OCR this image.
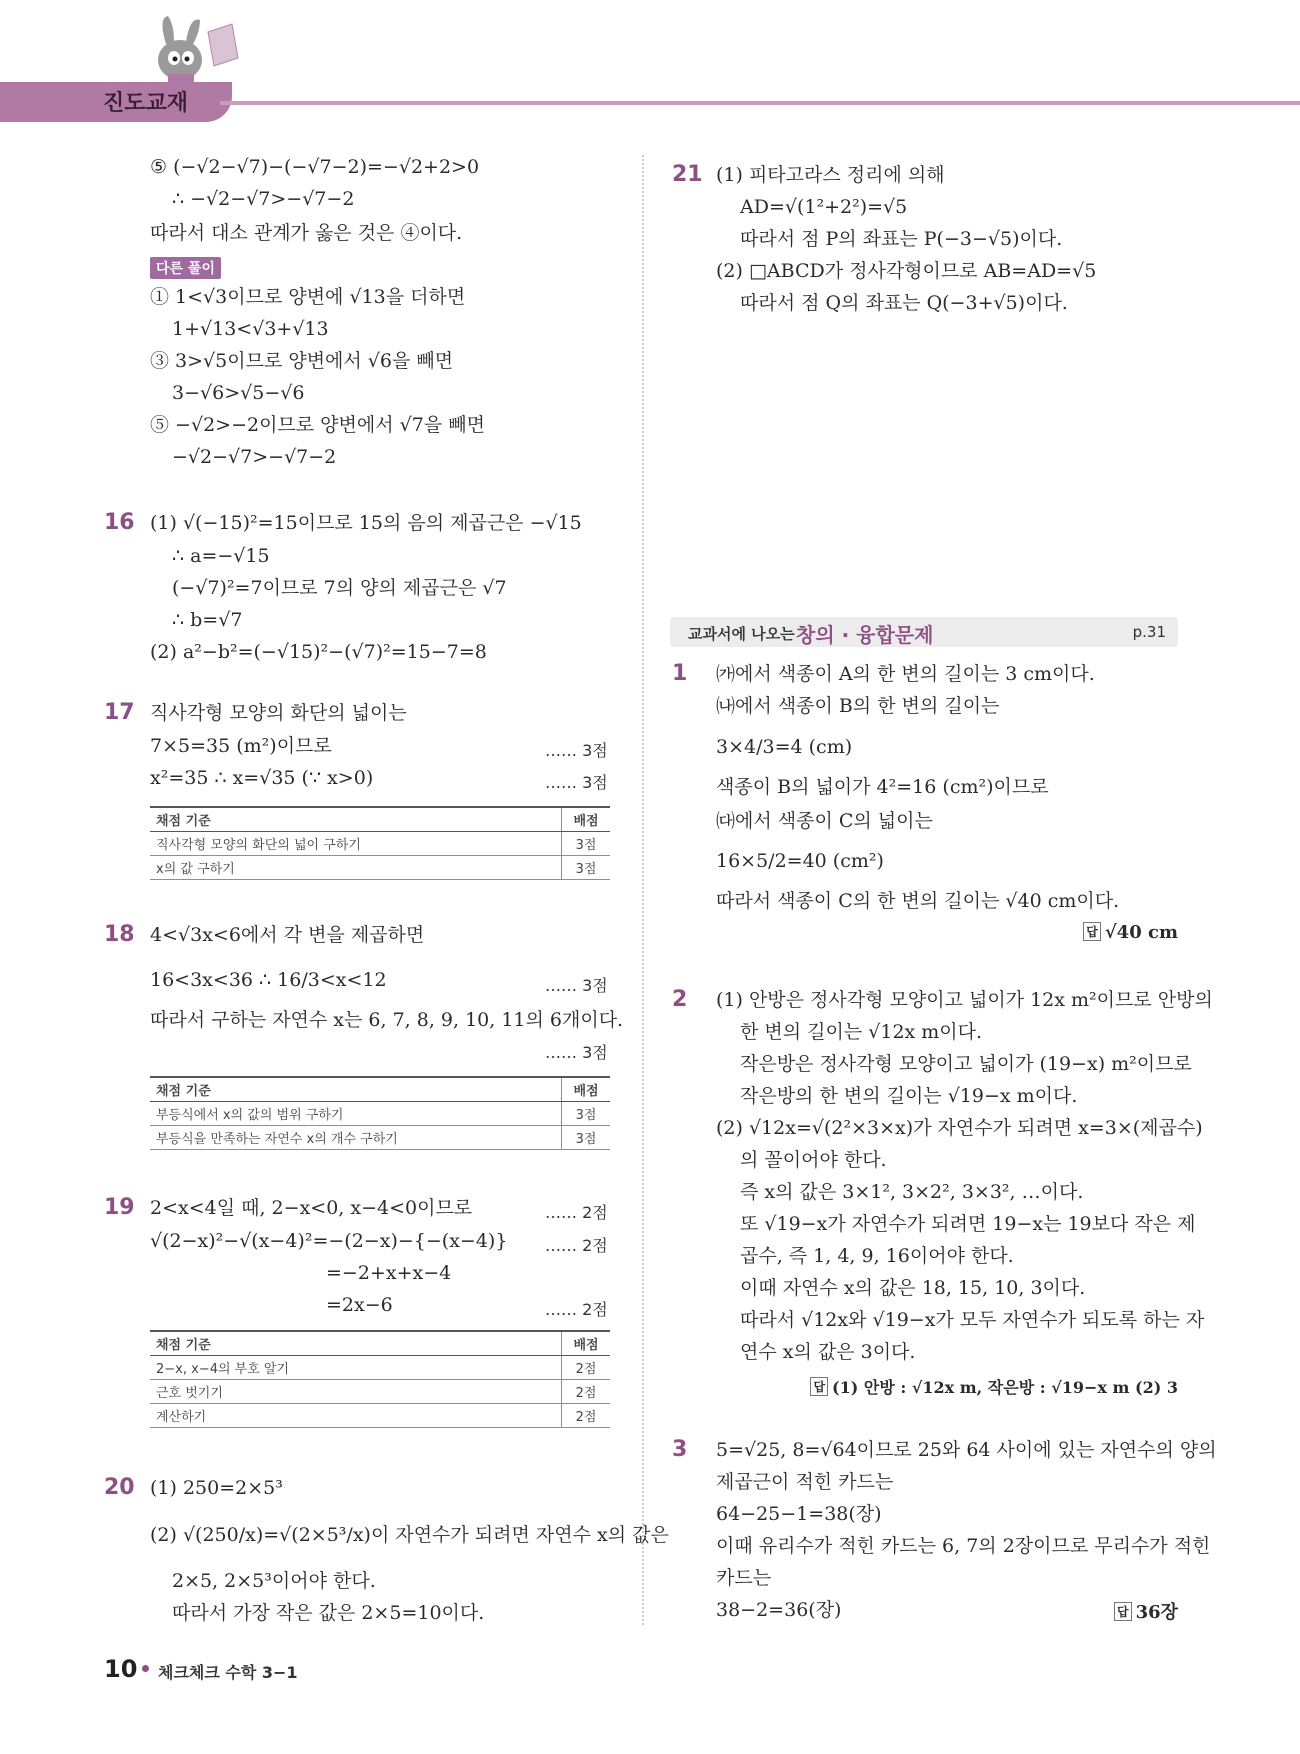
진도교재
⑤ (−√2−√7)−(−√7−2)=−√2+2>0
∴ −√2−√7>−√7−2
따라서 대소 관계가 옳은 것은 ④이다.
다른 풀이
① 1<√3이므로 양변에 √13을 더하면
1+√13<√3+√13
③ 3>√5이므로 양변에서 √6을 빼면
3−√6>√5−√6
⑤ −√2>−2이므로 양변에서 √7을 빼면
−√2−√7>−√7−2
16 (1) √(−15)²=15이므로 15의 음의 제곱근은 −√15
∴ a=−√15
(−√7)²=7이므로 7의 양의 제곱근은 √7
∴ b=√7
(2) a²−b²=(−√15)²−(√7)²=15−7=8
17 직사각형 모양의 화단의 넓이는
7×5=35 (m²)이므로
x²=35 ∴ x=√35 (∵ x>0)
…… 3점
…… 3점
채점 기준	배점
직사각형 모양의 화단의 넓이 구하기	3점
x의 값 구하기	3점
18 4<√3x<6에서 각 변을 제곱하면
16<3x<36 ∴ 16/3<x<12
따라서 구하는 자연수 x는 6, 7, 8, 9, 10, 11의 6개이다.
…… 3점
…… 3점
채점 기준	배점
부등식에서 x의 값의 범위 구하기	3점
부등식을 만족하는 자연수 x의 개수 구하기	3점
19 2<x<4일 때, 2−x<0, x−4<0이므로
√(2−x)²−√(x−4)²=−(2−x)−{−(x−4)}
=−2+x+x−4
=2x−6
…… 2점
…… 2점
…… 2점
채점 기준	배점
2−x, x−4의 부호 알기	2점
근호 벗기기	2점
계산하기	2점
20 (1) 250=2×5³
(2) √(250/x)=√(2×5³/x)이 자연수가 되려면 자연수 x의 값은
2×5, 2×5³이어야 한다.
따라서 가장 작은 값은 2×5=10이다.
21 (1) 피타고라스 정리에 의해
AD=√(1²+2²)=√5
따라서 점 P의 좌표는 P(−3−√5)이다.
(2) □ABCD가 정사각형이므로 AB=AD=√5
따라서 점 Q의 좌표는 Q(−3+√5)이다.
교과서에 나오는 창의 · 융합문제	p.31
1 ㈎에서 색종이 A의 한 변의 길이는 3 cm이다.
㈏에서 색종이 B의 한 변의 길이는
3×4/3=4 (cm)
색종이 B의 넓이가 4²=16 (cm²)이므로
㈐에서 색종이 C의 넓이는
16×5/2=40 (cm²)
따라서 색종이 C의 한 변의 길이는 √40 cm이다.
답 √40 cm
2 (1) 안방은 정사각형 모양이고 넓이가 12x m²이므로 안방의
한 변의 길이는 √12x m이다.
작은방은 정사각형 모양이고 넓이가 (19−x) m²이므로
작은방의 한 변의 길이는 √19−x m이다.
(2) √12x=√(2²×3×x)가 자연수가 되려면 x=3×(제곱수)
의 꼴이어야 한다.
즉 x의 값은 3×1², 3×2², 3×3², …이다.
또 √19−x가 자연수가 되려면 19−x는 19보다 작은 제
곱수, 즉 1, 4, 9, 16이어야 한다.
이때 자연수 x의 값은 18, 15, 10, 3이다.
따라서 √12x와 √19−x가 모두 자연수가 되도록 하는 자
연수 x의 값은 3이다.
답 (1) 안방 : √12x m, 작은방 : √19−x m (2) 3
3 5=√25, 8=√64이므로 25와 64 사이에 있는 자연수의 양의
제곱근이 적힌 카드는
64−25−1=38(장)
이때 유리수가 적힌 카드는 6, 7의 2장이므로 무리수가 적힌
카드는
38−2=36(장)	답 36장
10 체크체크 수학 3−1
